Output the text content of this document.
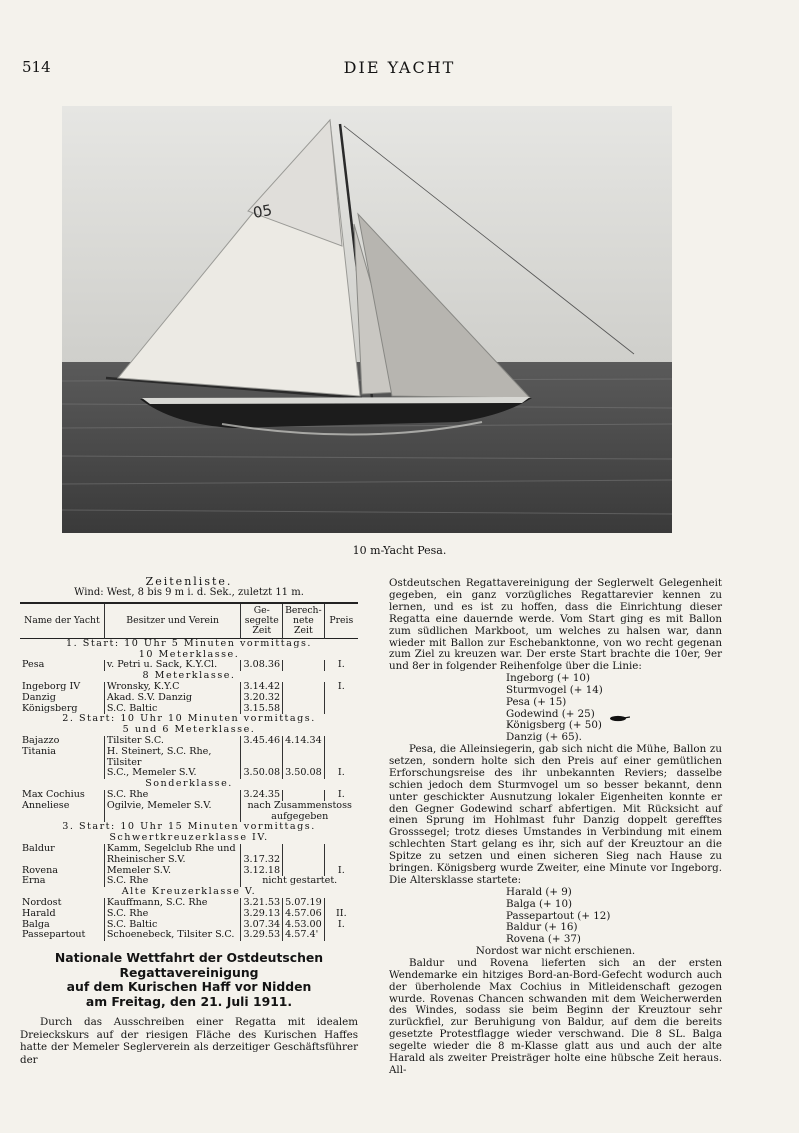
514	DIE YACHT
05
10 m-Yacht Pesa.
Zeitenliste.
Wind: West, 8 bis 9 m i. d. Sek., zuletzt 11 m.
Name der Yacht	Besitzer und Verein	Ge-
segelte
Zeit	Berech-
nete
Zeit	Preis
1. Start: 10 Uhr 5 Minuten vormittags.				
10 Meterklasse.				
Pesa	v. Petri u. Sack, K.Y.Cl.	3.08.36		I.
8 Meterklasse.				
Ingeborg IV	Wronsky, K.Y.C	3.14.42		I.
Danzig	Akad. S.V. Danzig	3.20.32		
Königsberg	S.C. Baltic	3.15.58		
2. Start: 10 Uhr 10 Minuten vormittags.				
5 und 6 Meterklasse.				
Bajazzo	Tilsiter S.C.	3.45.46	4.14.34	
Titania	H. Steinert, S.C. Rhe, Tilsiter			
	S.C., Memeler S.V.	3.50.08	3.50.08	I.
Sonderklasse.				
Max Cochius	S.C. Rhe	3.24.35		I.
Anneliese	Ogilvie, Memeler S.V.	nach Zusammenstoss		
		aufgegeben		
3. Start: 10 Uhr 15 Minuten vormittags.				
Schwertkreuzerklasse IV.				
Baldur	Kamm, Segelclub Rhe und			
	Rheinischer S.V.	3.17.32		
Rovena	Memeler S.V.	3.12.18		I.
Erna	S.C. Rhe	nicht gestartet.		
Alte Kreuzerklasse V.				
Nordost	Kauffmann, S.C. Rhe	3.21.53	5.07.19	
Harald	S.C. Rhe	3.29.13	4.57.06	II.
Balga	S.C. Baltic	3.07.34	4.53.00	I.
Passepartout	Schoenebeck, Tilsiter S.C.	3.29.53	4.57.4'	
Nationale Wettfahrt der Ostdeutschen Regattavereinigung
auf dem Kurischen Haff vor Nidden
am Freitag, den 21. Juli 1911.
Durch das Ausschreiben einer Regatta mit idealem Dreieckskurs auf der riesigen Fläche des Kurischen Haffes hatte der Memeler Seglerverein als derzeitiger Geschäftsführer der

Ostdeutschen Regattavereinigung der Seglerwelt Gelegenheit gegeben, ein ganz vorzügliches Regattarevier kennen zu lernen, und es ist zu hoffen, dass die Einrichtung dieser Regatta eine dauernde werde. Vom Start ging es mit Ballon zum südlichen Markboot, um welches zu halsen war, dann wieder mit Ballon zur Eschebanktonne, von wo recht gegenan zum Ziel zu kreuzen war. Der erste Start brachte die 10er, 9er und 8er in folgender Reihenfolge über die Linie:

Ingeborg (+ 10)
Sturmvogel (+ 14)
Pesa (+ 15)
Godewind (+ 25)
Königsberg (+ 50)
Danzig (+ 65).

Pesa, die Alleinsiegerin, gab sich nicht die Mühe, Ballon zu setzen, sondern holte sich den Preis auf einer gemütlichen Erforschungsreise des ihr unbekannten Reviers; dasselbe schien jedoch dem Sturmvogel um so besser bekannt, denn unter geschickter Ausnutzung lokaler Eigenheiten konnte er den Gegner Godewind scharf abfertigen. Mit Rücksicht auf einen Sprung im Hohlmast fuhr Danzig doppelt gerefftes Grosssegel; trotz dieses Umstandes in Verbindung mit einem schlechten Start gelang es ihr, sich auf der Kreuztour an die Spitze zu setzen und einen sicheren Sieg nach Hause zu bringen. Königsberg wurde Zweiter, eine Minute vor Ingeborg. Die Altersklasse startete:

Harald (+ 9)
Balga (+ 10)
Passepartout (+ 12)
Baldur (+ 16)
Rovena (+ 37)

Nordost war nicht erschienen.

Baldur und Rovena lieferten sich an der ersten Wendemarke ein hitziges Bord-an-Bord-Gefecht wodurch auch der überholende Max Cochius in Mitleidenschaft gezogen wurde. Rovenas Chancen schwanden mit dem Weicherwerden des Windes, sodass sie beim Beginn der Kreuztour sehr zurückfiel, zur Beruhigung von Baldur, auf dem die bereits gesetzte Protestflagge wieder verschwand. Die 8 SL. Balga segelte wieder die 8 m-Klasse glatt aus und auch der alte Harald als zweiter Preisträger holte eine hübsche Zeit heraus. All-
